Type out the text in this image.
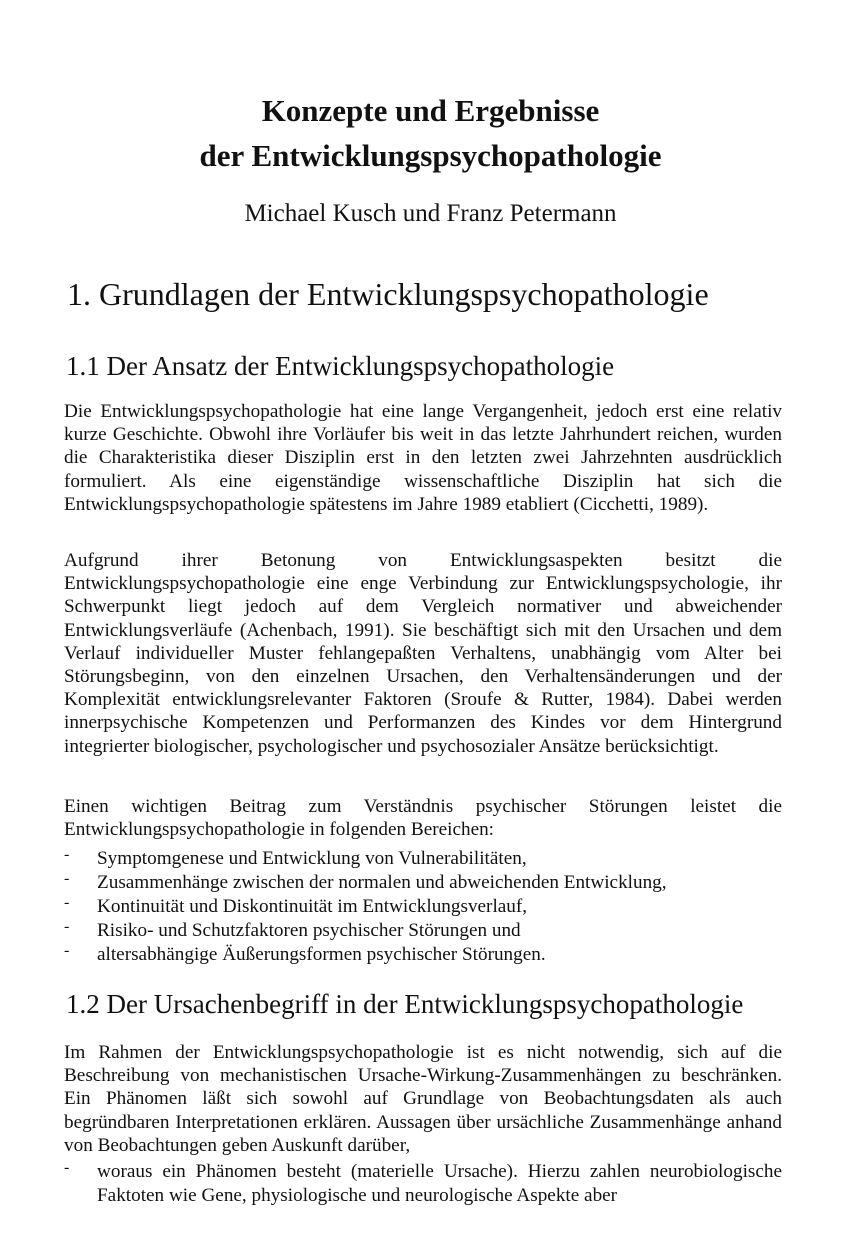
Konzepte und Ergebnisse
der Entwicklungspsychopathologie

Michael Kusch und Franz Petermann

1. Grundlagen der Entwicklungspsychopathologie
1.1 Der Ansatz der Entwicklungspsychopathologie

Die Entwicklungspsychopathologie hat eine lange Vergangenheit, jedoch erst eine relativ kurze Geschichte. Obwohl ihre Vorläufer bis weit in das letzte Jahrhundert reichen, wurden die Charakteristika dieser Disziplin erst in den letzten zwei Jahrzehnten ausdrücklich formuliert. Als eine eigenständige wissenschaftliche Disziplin hat sich die Entwicklungspsychopathologie spätestens im Jahre 1989 etabliert (Cicchetti, 1989).

Aufgrund ihrer Betonung von Entwicklungsaspekten besitzt die Entwicklungspsychopathologie eine enge Verbindung zur Entwicklungspsychologie, ihr Schwerpunkt liegt jedoch auf dem Vergleich normativer und abweichender Entwicklungsverläufe (Achenbach, 1991). Sie beschäftigt sich mit den Ursachen und dem Verlauf individueller Muster fehlangepaßten Verhaltens, unabhängig vom Alter bei Störungsbeginn, von den einzelnen Ursachen, den Verhaltensänderungen und der Komplexität entwicklungsrelevanter Faktoren (Sroufe & Rutter, 1984). Dabei werden innerpsychische Kompetenzen und Performanzen des Kindes vor dem Hintergrund integrierter biologischer, psychologischer und psychosozialer Ansätze berücksichtigt.

Einen wichtigen Beitrag zum Verständnis psychischer Störungen leistet die Entwicklungspsychopathologie in folgenden Bereichen:

- Symptomgenese und Entwicklung von Vulnerabilitäten,
- Zusammenhänge zwischen der normalen und abweichenden Entwicklung,
- Kontinuität und Diskontinuität im Entwicklungsverlauf,
- Risiko- und Schutzfaktoren psychischer Störungen und
- altersabhängige Äußerungsformen psychischer Störungen.
1.2 Der Ursachenbegriff in der Entwicklungspsychopathologie

Im Rahmen der Entwicklungspsychopathologie ist es nicht notwendig, sich auf die Beschreibung von mechanistischen Ursache-Wirkung-Zusammenhängen zu beschränken. Ein Phänomen läßt sich sowohl auf Grundlage von Beobachtungsdaten als auch begründbaren Interpretationen erklären. Aussagen über ursächliche Zusammenhänge anhand von Beobachtungen geben Auskunft darüber,

- woraus ein Phänomen besteht (materielle Ursache). Hierzu zahlen neurobiologische Faktoten wie Gene, physiologische und neurologische Aspekte aber
